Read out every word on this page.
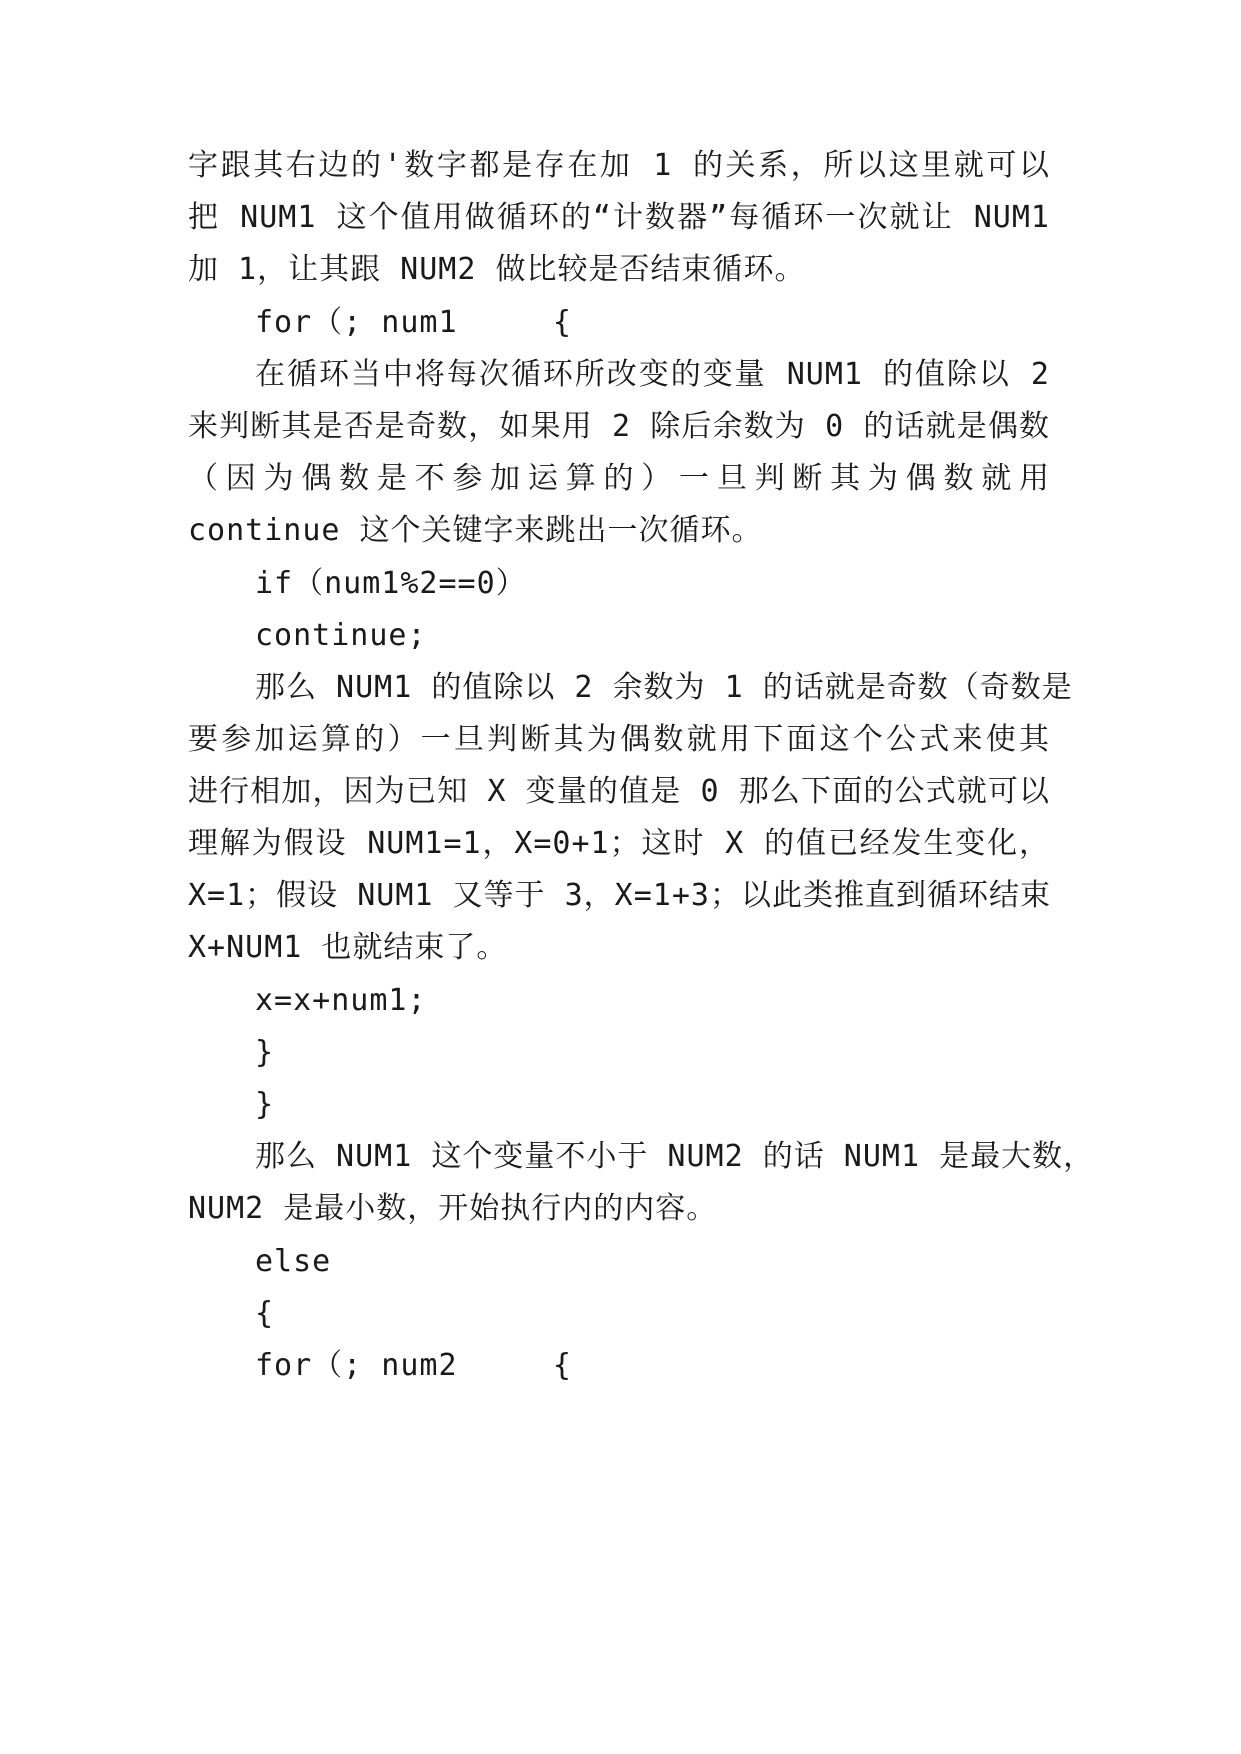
字跟其右边的'数字都是存在加 1 的关系，所以这里就可以
把 NUM1 这个值用做循环的“计数器”每循环一次就让 NUM1
加 1，让其跟 NUM2 做比较是否结束循环。
for（; num1     {
在循环当中将每次循环所改变的变量 NUM1 的值除以 2
来判断其是否是奇数，如果用 2 除后余数为 0 的话就是偶数
（因为偶数是不参加运算的）一旦判断其为偶数就用
continue 这个关键字来跳出一次循环。
if（num1%2==0）
continue;
那么 NUM1 的值除以 2 余数为 1 的话就是奇数（奇数是
要参加运算的）一旦判断其为偶数就用下面这个公式来使其
进行相加，因为已知 X 变量的值是 0 那么下面的公式就可以
理解为假设 NUM1=1，X=0+1；这时 X 的值已经发生变化，
X=1；假设 NUM1 又等于 3，X=1+3；以此类推直到循环结束
X+NUM1 也就结束了。
x=x+num1;
}
}
那么 NUM1 这个变量不小于 NUM2 的话 NUM1 是最大数，
NUM2 是最小数，开始执行内的内容。
else
{
for（; num2     {
